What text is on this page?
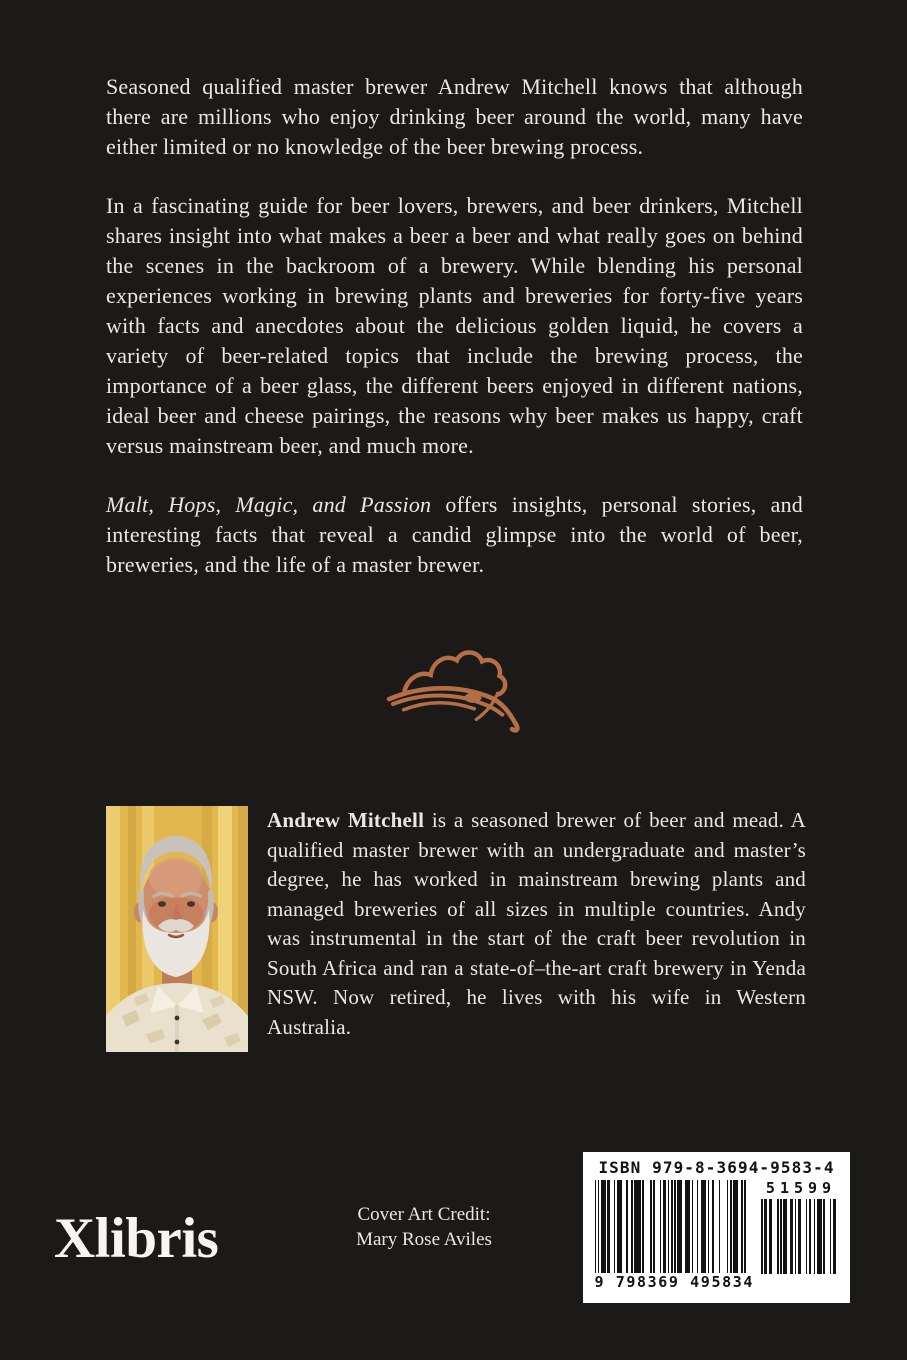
Seasoned qualified master brewer Andrew Mitchell knows that although there are millions who enjoy drinking beer around the world, many have either limited or no knowledge of the beer brewing process.

In a fascinating guide for beer lovers, brewers, and beer drinkers, Mitchell shares insight into what makes a beer a beer and what really goes on behind the scenes in the backroom of a brewery. While blending his personal experiences working in brewing plants and breweries for forty-five years with facts and anecdotes about the delicious golden liquid, he covers a variety of beer-related topics that include the brewing process, the importance of a beer glass, the different beers enjoyed in different nations, ideal beer and cheese pairings, the reasons why beer makes us happy, craft versus mainstream beer, and much more.

Malt, Hops, Magic, and Passion offers insights, personal stories, and interesting facts that reveal a candid glimpse into the world of beer, breweries, and the life of a master brewer.

Andrew Mitchell is a seasoned brewer of beer and mead. A qualified master brewer with an undergraduate and master’s degree, he has worked in mainstream brewing plants and managed breweries of all sizes in multiple countries. Andy was instrumental in the start of the craft beer revolution in South Africa and ran a state-of–the-art craft brewery in Yenda NSW. Now retired, he lives with his wife in Western Australia.

Xlibris	Cover Art Credit:
Mary Rose Aviles
ISBN 979-8-3694-9583-4
9 798369 495834
51599
